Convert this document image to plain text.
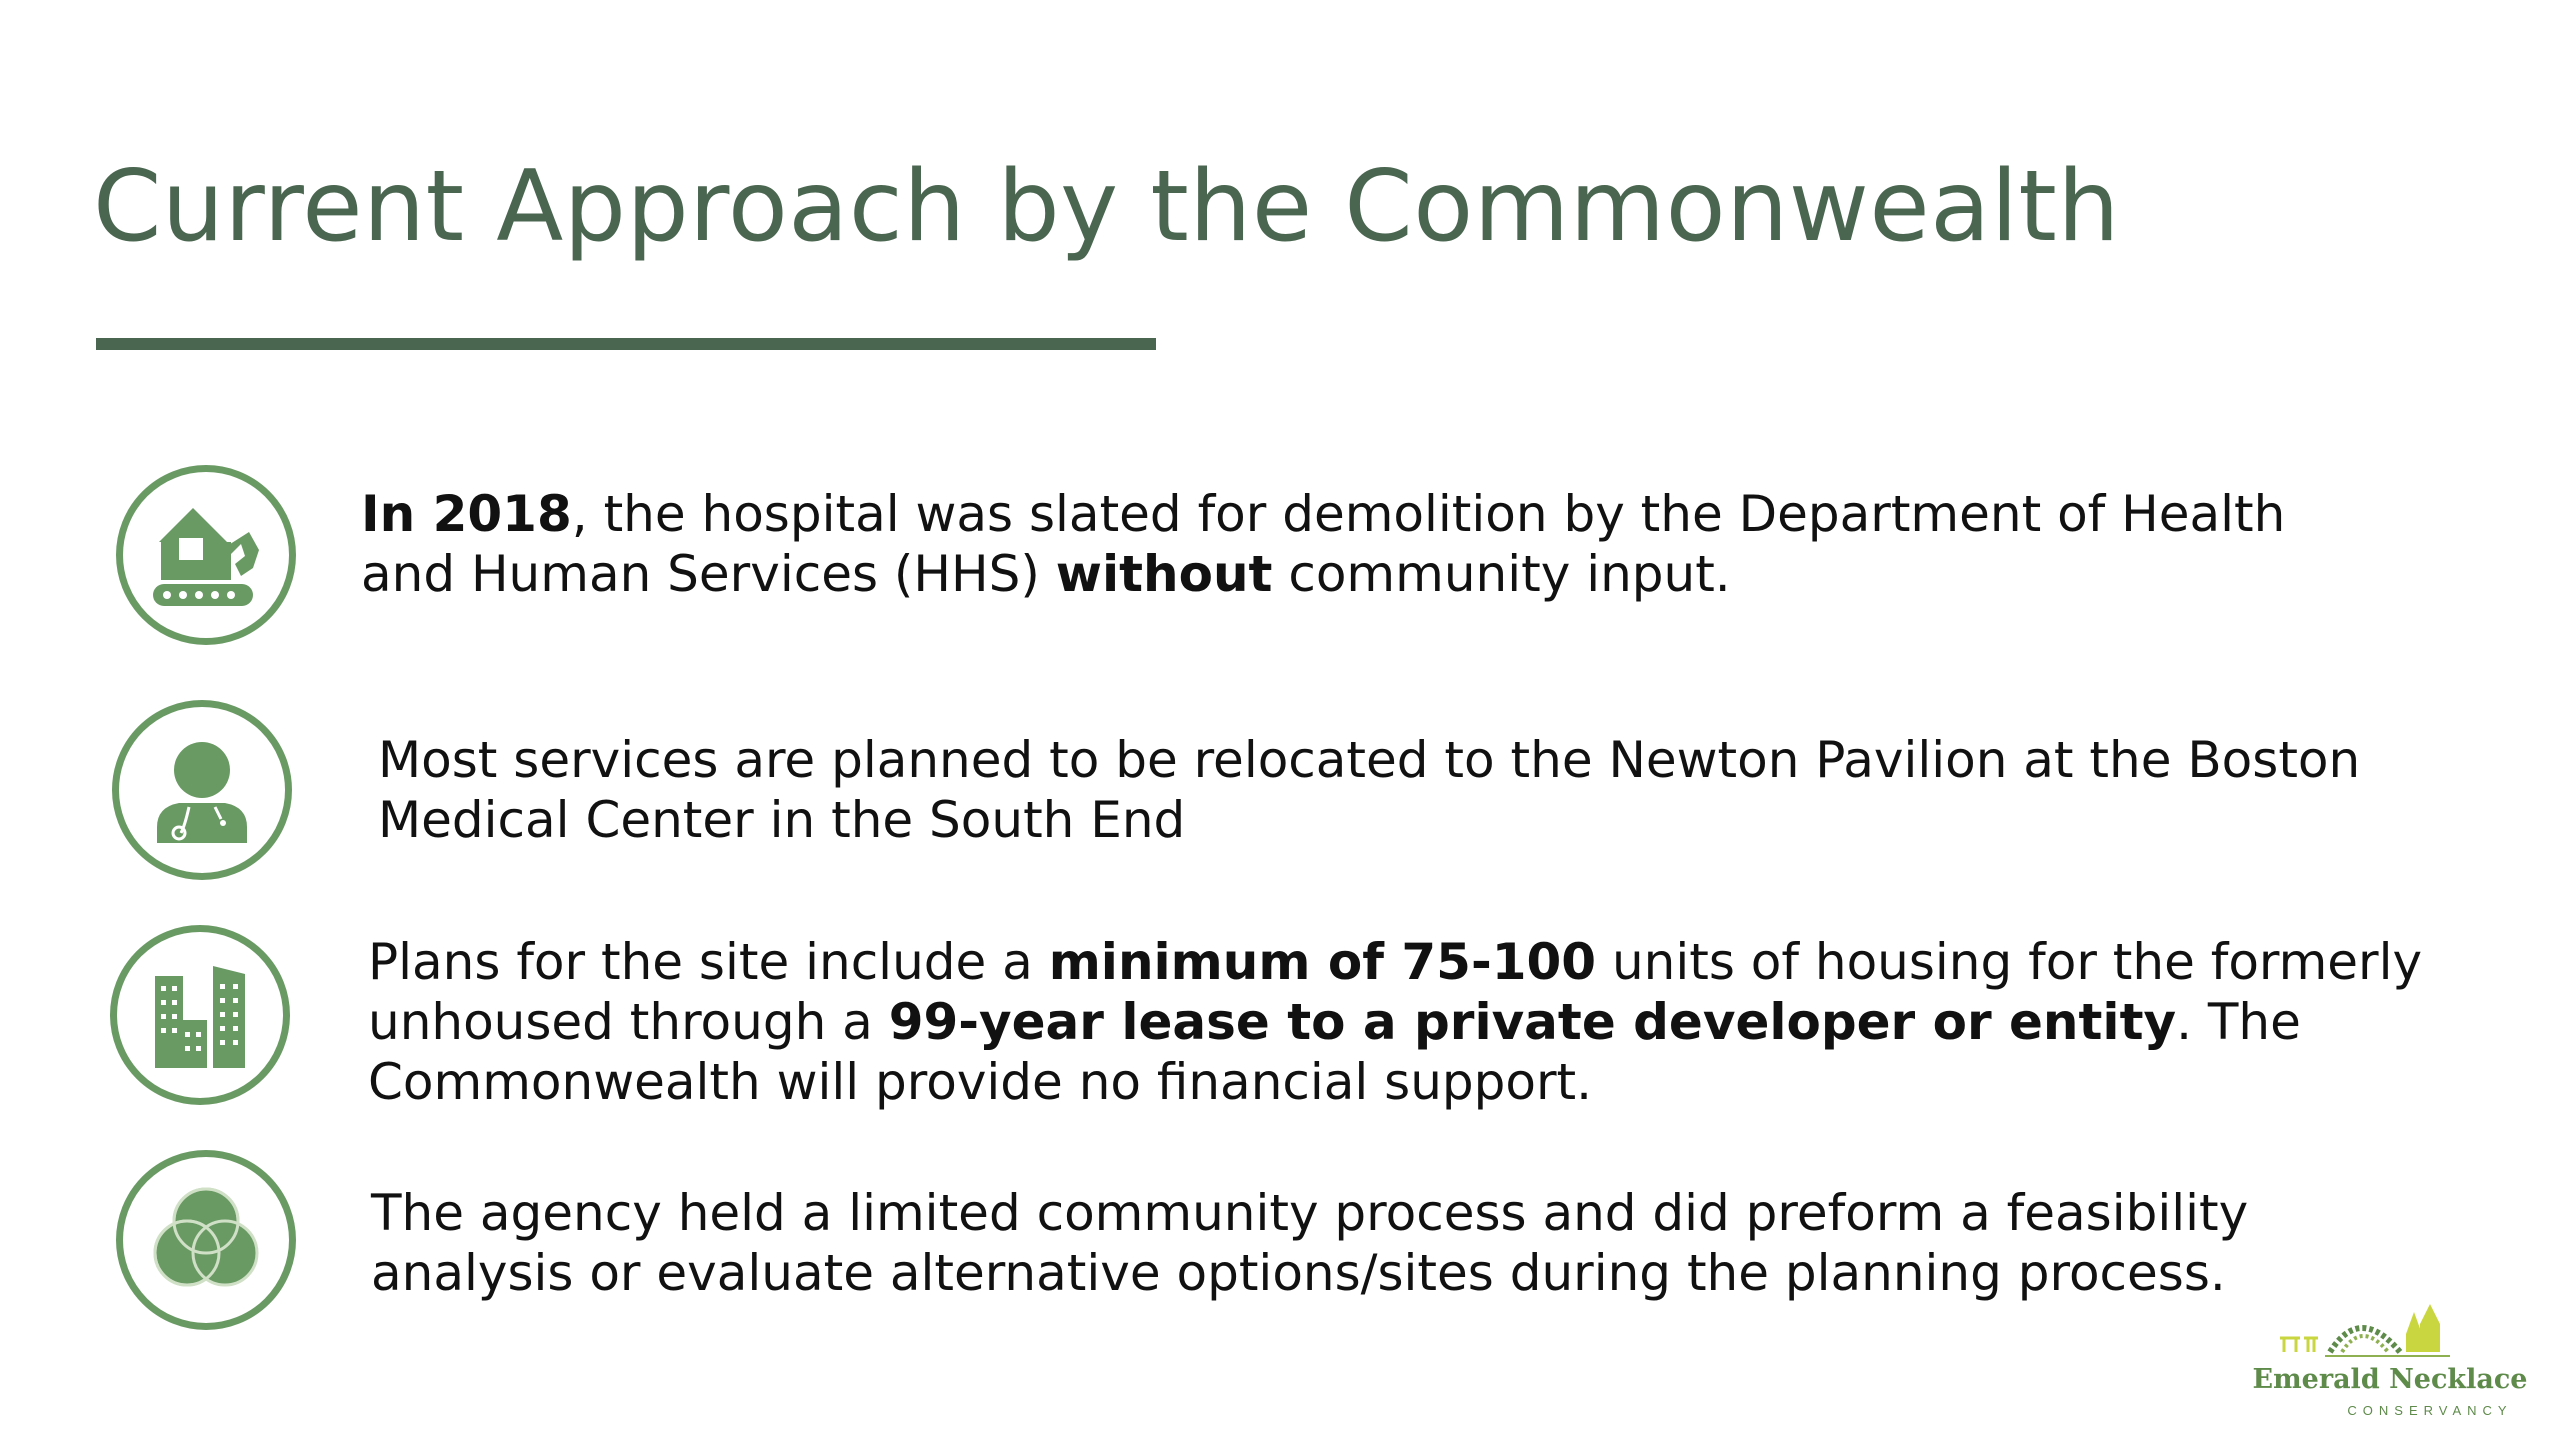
Current Approach by the Commonwealth
In 2018, the hospital was slated for demolition by the Department of Health
and Human Services (HHS) without community input.
Most services are planned to be relocated to the Newton Pavilion at the Boston
Medical Center in the South End
Plans for the site include a minimum of 75-100 units of housing for the formerly
unhoused through a 99-year lease to a private developer or entity. The
Commonwealth will provide no financial support.
The agency held a limited community process and did preform a feasibility
analysis or evaluate alternative options/sites during the planning process.
Emerald Necklace
CONSERVANCY
